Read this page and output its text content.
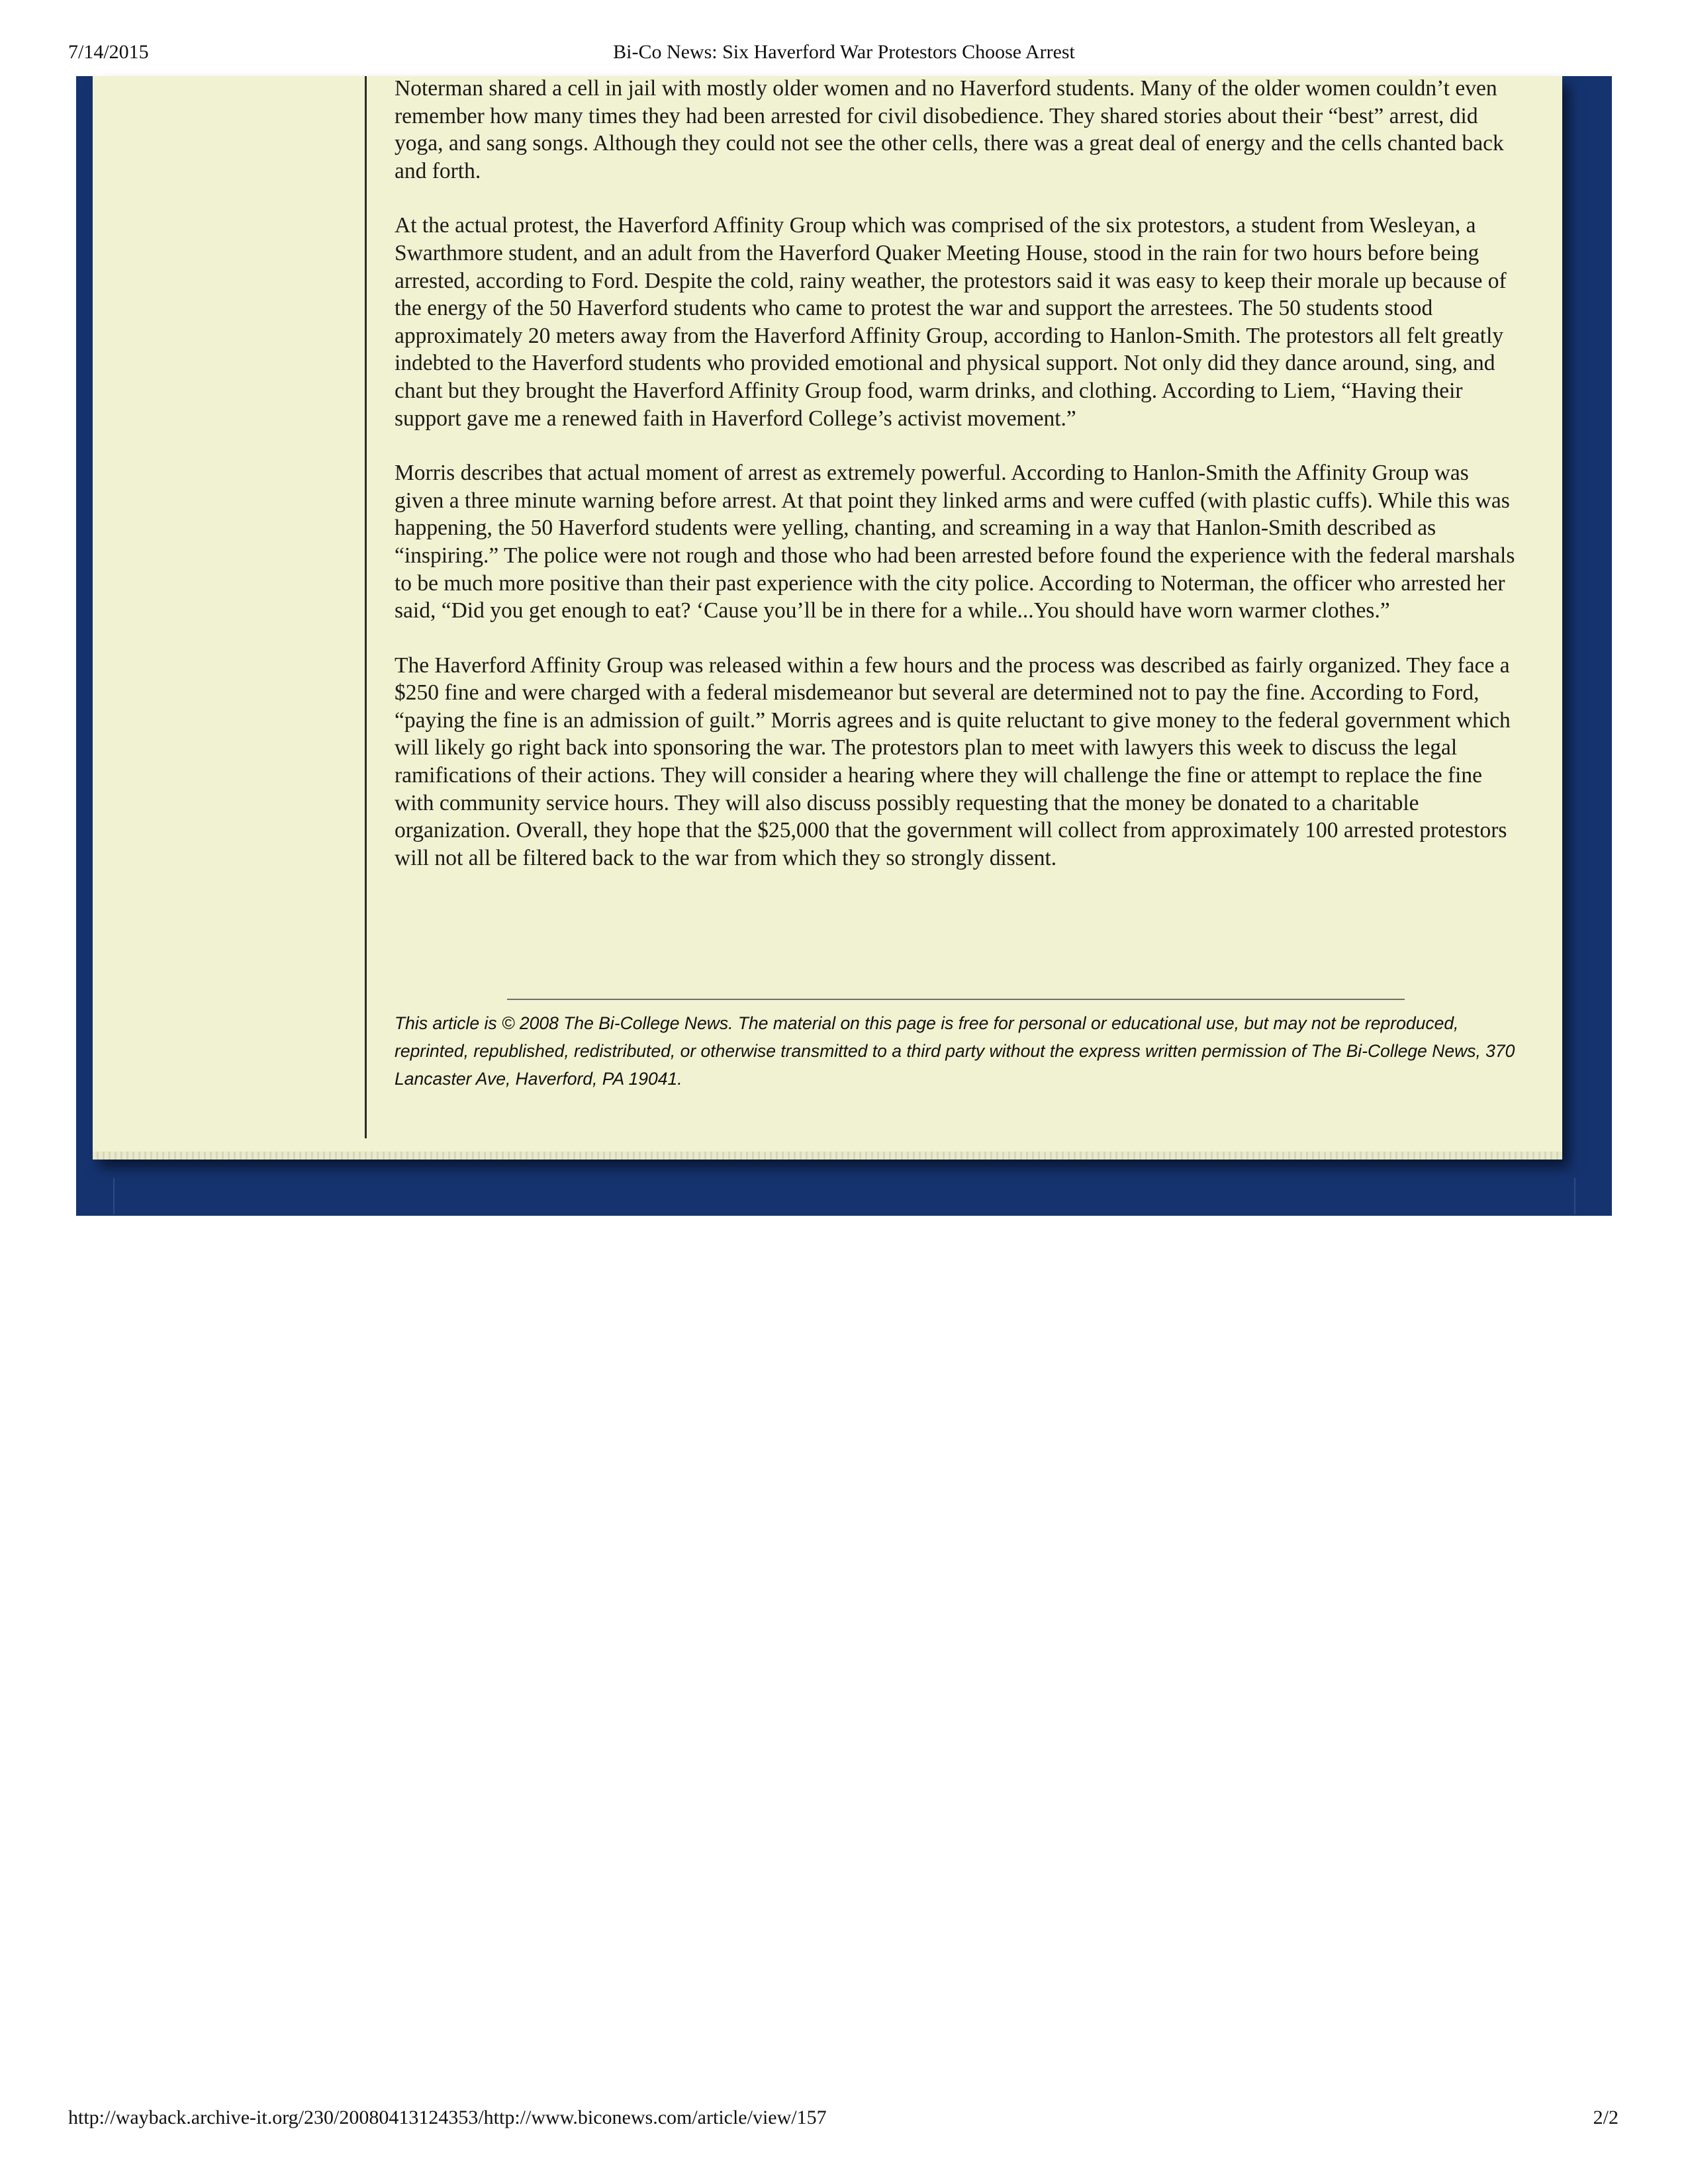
7/14/2015	Bi-Co News: Six Haverford War Protestors Choose Arrest

Noterman shared a cell in jail with mostly older women and no Haverford students. Many of the older women couldn’t even remember how many times they had been arrested for civil disobedience. They shared stories about their “best” arrest, did yoga, and sang songs. Although they could not see the other cells, there was a great deal of energy and the cells chanted back and forth.

At the actual protest, the Haverford Affinity Group which was comprised of the six protestors, a student from Wesleyan, a Swarthmore student, and an adult from the Haverford Quaker Meeting House, stood in the rain for two hours before being arrested, according to Ford. Despite the cold, rainy weather, the protestors said it was easy to keep their morale up because of the energy of the 50 Haverford students who came to protest the war and support the arrestees. The 50 students stood approximately 20 meters away from the Haverford Affinity Group, according to Hanlon-Smith. The protestors all felt greatly indebted to the Haverford students who provided emotional and physical support. Not only did they dance around, sing, and chant but they brought the Haverford Affinity Group food, warm drinks, and clothing. According to Liem, “Having their support gave me a renewed faith in Haverford College’s activist movement.”

Morris describes that actual moment of arrest as extremely powerful. According to Hanlon-Smith the Affinity Group was given a three minute warning before arrest. At that point they linked arms and were cuffed (with plastic cuffs). While this was happening, the 50 Haverford students were yelling, chanting, and screaming in a way that Hanlon-Smith described as “inspiring.” The police were not rough and those who had been arrested before found the experience with the federal marshals to be much more positive than their past experience with the city police. According to Noterman, the officer who arrested her said, “Did you get enough to eat? ‘Cause you’ll be in there for a while...You should have worn warmer clothes.”

The Haverford Affinity Group was released within a few hours and the process was described as fairly organized. They face a $250 fine and were charged with a federal misdemeanor but several are determined not to pay the fine. According to Ford, “paying the fine is an admission of guilt.” Morris agrees and is quite reluctant to give money to the federal government which will likely go right back into sponsoring the war. The protestors plan to meet with lawyers this week to discuss the legal ramifications of their actions. They will consider a hearing where they will challenge the fine or attempt to replace the fine with community service hours. They will also discuss possibly requesting that the money be donated to a charitable organization. Overall, they hope that the $25,000 that the government will collect from approximately 100 arrested protestors will not all be filtered back to the war from which they so strongly dissent.

This article is © 2008 The Bi-College News. The material on this page is free for personal or educational use, but may not be reproduced, reprinted, republished, redistributed, or otherwise transmitted to a third party without the express written permission of The Bi-College News, 370 Lancaster Ave, Haverford, PA 19041.
http://wayback.archive-it.org/230/20080413124353/http://www.biconews.com/article/view/157	2/2
